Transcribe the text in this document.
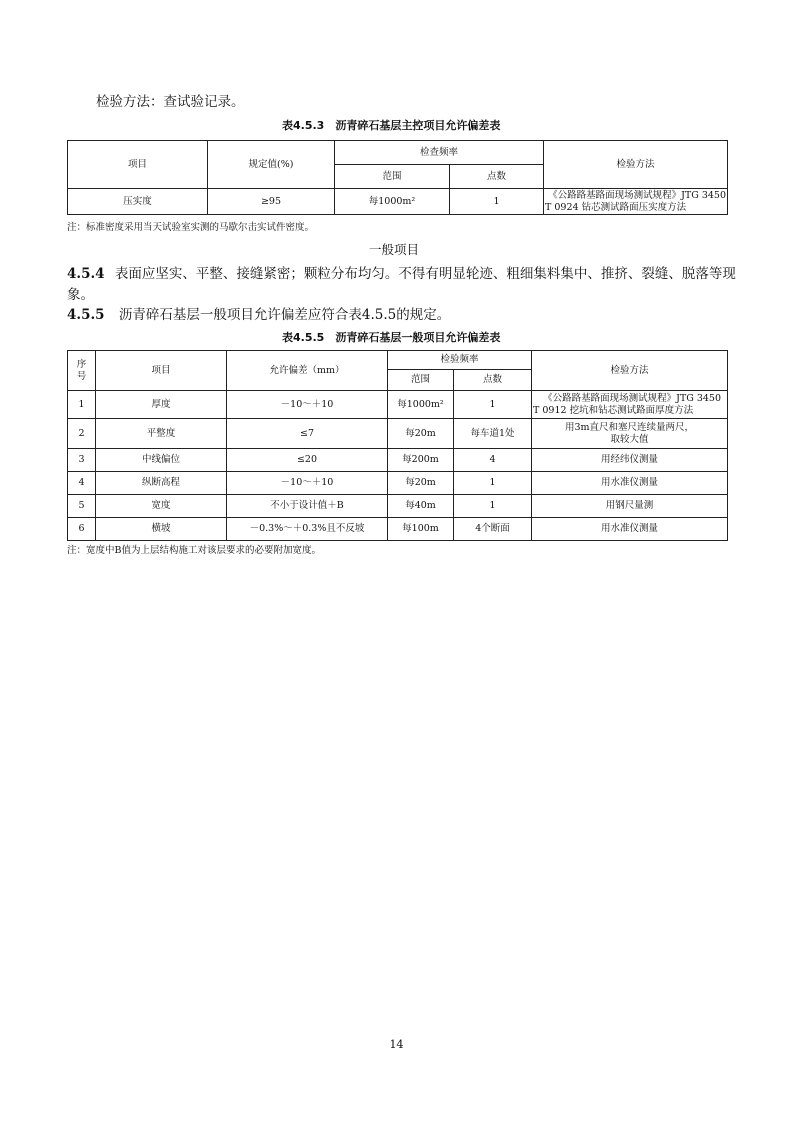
检验方法：查试验记录。
表4.5.3　沥青碎石基层主控项目允许偏差表
项目	规定值(%)	检查频率		检验方法
		范围	点数	
压实度	≥95	每1000m²	1	《公路路基路面现场测试规程》JTG 3450
T 0924 钻芯测试路面压实度方法
注：标准密度采用当天试验室实测的马歇尔击实试件密度。
一般项目
4.5.4 表面应坚实、平整、接缝紧密；颗粒分布均匀。不得有明显轮迹、粗细集料集中、推挤、裂缝、脱落等现
象。
4.5.5 沥青碎石基层一般项目允许偏差应符合表4.5.5的规定。
表4.5.5　沥青碎石基层一般项目允许偏差表
序
号	项目	允许偏差（mm）	检验频率		检验方法
			范围	点数	
1	厚度	－10～＋10	每1000m²	1	《公路路基路面现场测试规程》JTG 3450
T 0912 挖坑和钻芯测试路面厚度方法

2	平整度	≤7	每20m	每车道1处	用3m直尺和塞尺连续量两尺，
取较大值

3	中线偏位	≤20	每200m	4	用经纬仪测量
4	纵断高程	－10～＋10	每20m	1	用水准仪测量
5	宽度	不小于设计值＋B	每40m	1	用钢尺量测
6	横坡	－0.3%～＋0.3%且不反坡	每100m	4个断面	用水准仪测量
注：宽度中B值为上层结构施工对该层要求的必要附加宽度。
14
